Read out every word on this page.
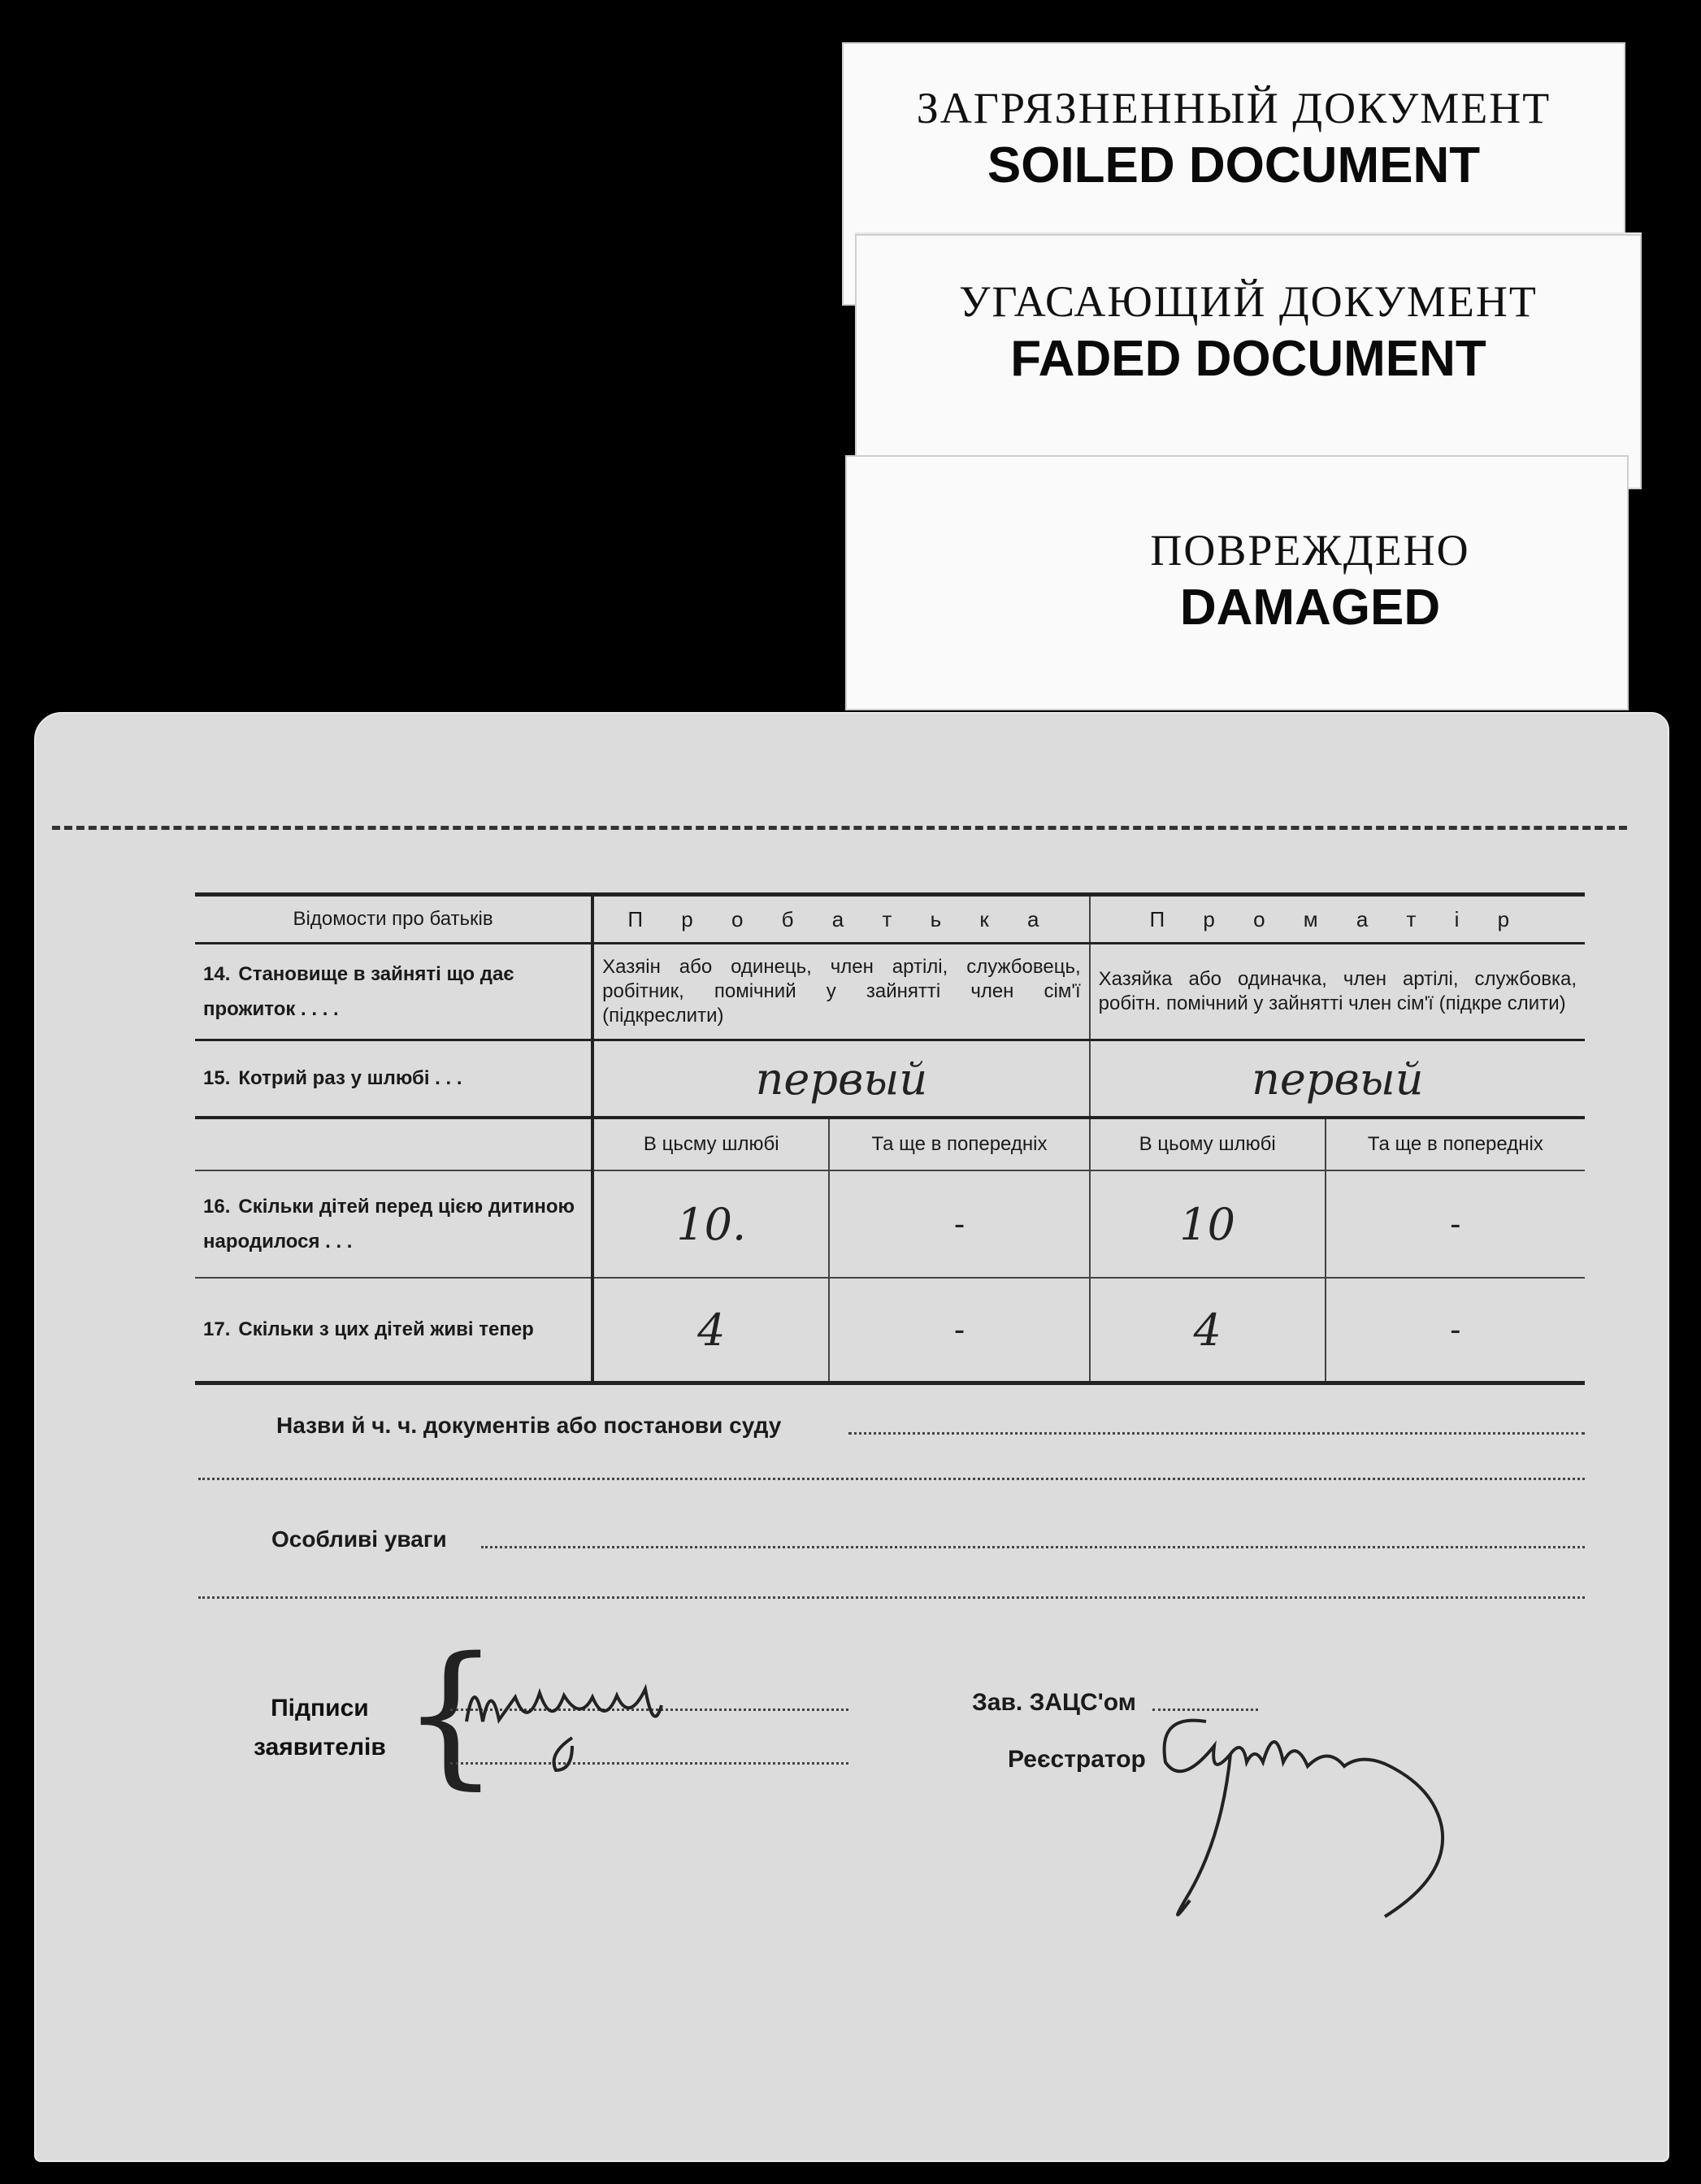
ЗАГРЯЗНЕННЫЙ ДОКУМЕНТ
SOILED DOCUMENT
УГАСАЮЩИЙ ДОКУМЕНТ
FADED DOCUMENT
ПОВРЕЖДЕНО
DAMAGED
Відомости про батьків	П р о б а т ь к а		П р о м а т і р	
14. Становище в зайняті що дає прожиток . . . .	Хазяін або одинець, член артілі, службовець, робітник, помічний у зайнятті член сім'ї (підкреслити)		Хазяйка або одиначка, член артілі, службовка, робітн. помічний у зайнятті член сім'ї (підкре слити)	
15. Котрий раз у шлюбі . . .	первый		первый	
	В цьсму шлюбі	Та ще в попередніх	В цьому шлюбі	Та ще в попередніх
16. Скільки дітей перед цією дитиною народилося . . .	10.	-	10	-
17. Скільки з цих дітей живі тепер	4	-	4	-
Назви й ч. ч. документів або постанови суду
Особливі уваги
Підписи
заявителів {	Зав. ЗАЦС'ом
Реєстратор
